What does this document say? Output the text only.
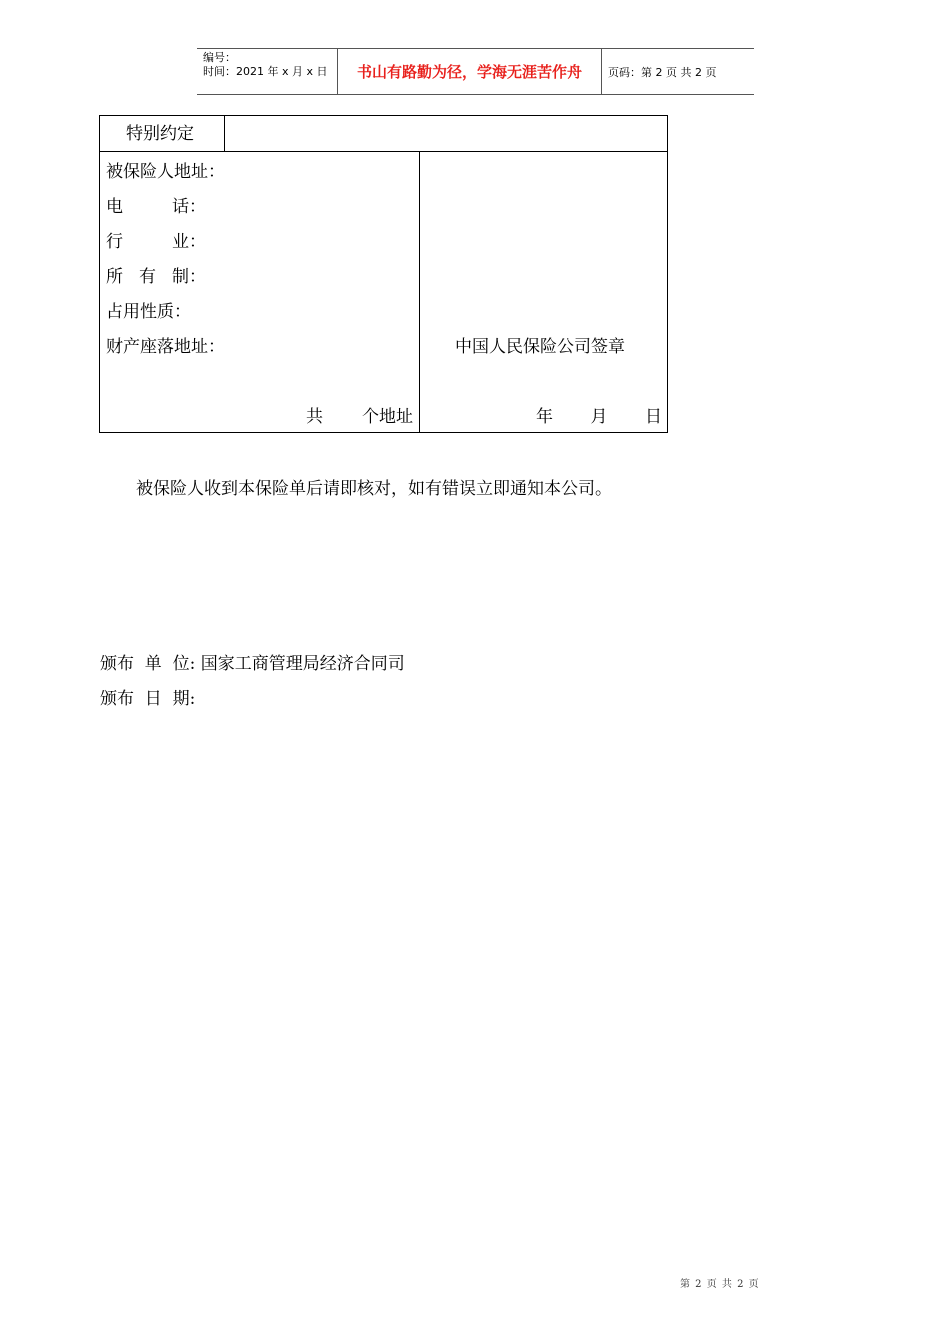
编号：
时间：2021 年 x 月 x 日	书山有路勤为径，学海无涯苦作舟	页码：第 2 页 共 2 页
特别约定
被保险人地址：
电	话：
行	业：
所 有 制：
占用性质：
财产座落地址：
共 个地址
中国人民保险公司签章
年 月 日
被保险人收到本保险单后请即核对，如有错误立即通知本公司。
颁布  单  位: 国家工商管理局经济合同司
颁布  日  期:
第 2 页 共 2 页
